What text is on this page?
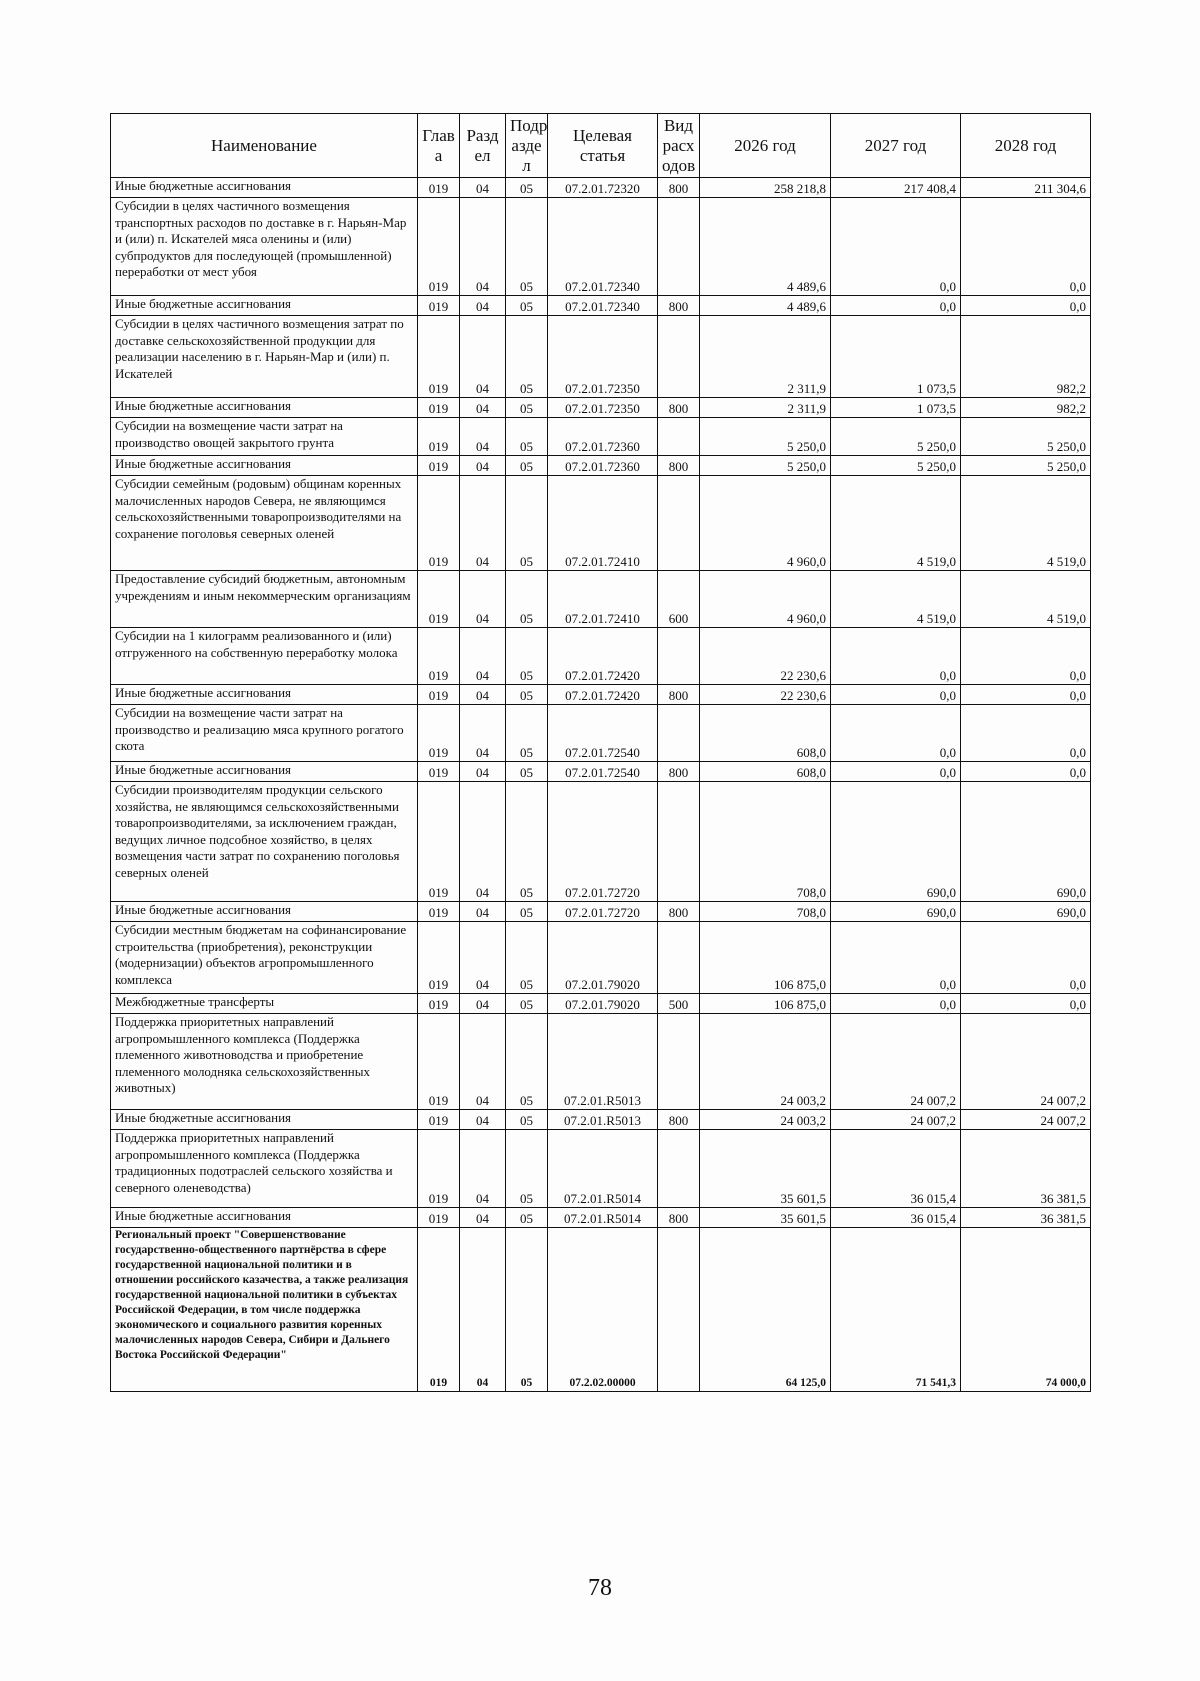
Наименование	Глав а	Разд ел	Подр азде л	Целевая статья	Вид расх одов	2026 год	2027 год	2028 год
Иные бюджетные ассигнования	019	04	05	07.2.01.72320	800	258 218,8	217 408,4	211 304,6
Субсидии в целях частичного возмещения транспортных расходов по доставке в г. Нарьян-Мар и (или) п. Искателей мяса оленины и (или) субпродуктов для последующей (промышленной) переработки от мест убоя	019	04	05	07.2.01.72340		4 489,6	0,0	0,0
Иные бюджетные ассигнования	019	04	05	07.2.01.72340	800	4 489,6	0,0	0,0
Субсидии в целях частичного возмещения затрат по доставке сельскохозяйственной продукции для реализации населению в г. Нарьян-Мар и (или) п. Искателей	019	04	05	07.2.01.72350		2 311,9	1 073,5	982,2
Иные бюджетные ассигнования	019	04	05	07.2.01.72350	800	2 311,9	1 073,5	982,2
Субсидии на возмещение части затрат на производство овощей закрытого грунта	019	04	05	07.2.01.72360		5 250,0	5 250,0	5 250,0
Иные бюджетные ассигнования	019	04	05	07.2.01.72360	800	5 250,0	5 250,0	5 250,0
Субсидии семейным (родовым) общинам коренных малочисленных народов Севера, не являющимся сельскохозяйственными товаропроизводителями на сохранение поголовья северных оленей	019	04	05	07.2.01.72410		4 960,0	4 519,0	4 519,0
Предоставление субсидий бюджетным, автономным учреждениям и иным некоммерческим организациям	019	04	05	07.2.01.72410	600	4 960,0	4 519,0	4 519,0
Субсидии на 1 килограмм реализованного и (или) отгруженного на собственную переработку молока	019	04	05	07.2.01.72420		22 230,6	0,0	0,0
Иные бюджетные ассигнования	019	04	05	07.2.01.72420	800	22 230,6	0,0	0,0
Субсидии на возмещение части затрат на производство и реализацию мяса крупного рогатого скота	019	04	05	07.2.01.72540		608,0	0,0	0,0
Иные бюджетные ассигнования	019	04	05	07.2.01.72540	800	608,0	0,0	0,0
Субсидии производителям продукции сельского хозяйства, не являющимся сельскохозяйственными товаропроизводителями, за исключением граждан, ведущих личное подсобное хозяйство, в целях возмещения части затрат по сохранению поголовья северных оленей	019	04	05	07.2.01.72720		708,0	690,0	690,0
Иные бюджетные ассигнования	019	04	05	07.2.01.72720	800	708,0	690,0	690,0
Субсидии местным бюджетам на софинансирование строительства (приобретения), реконструкции (модернизации) объектов агропромышленного комплекса	019	04	05	07.2.01.79020		106 875,0	0,0	0,0
Межбюджетные трансферты	019	04	05	07.2.01.79020	500	106 875,0	0,0	0,0
Поддержка приоритетных направлений агропромышленного комплекса (Поддержка племенного животноводства и приобретение племенного молодняка сельскохозяйственных животных)	019	04	05	07.2.01.R5013		24 003,2	24 007,2	24 007,2
Иные бюджетные ассигнования	019	04	05	07.2.01.R5013	800	24 003,2	24 007,2	24 007,2
Поддержка приоритетных направлений агропромышленного комплекса (Поддержка традиционных подотраслей сельского хозяйства и северного оленеводства)	019	04	05	07.2.01.R5014		35 601,5	36 015,4	36 381,5
Иные бюджетные ассигнования	019	04	05	07.2.01.R5014	800	35 601,5	36 015,4	36 381,5
Региональный проект "Совершенствование государственно-общественного партнёрства в сфере государственной национальной политики и в отношении российского казачества, а также реализация государственной национальной политики в субъектах Российской Федерации, в том числе поддержка экономического и социального развития коренных малочисленных народов Севера, Сибири и Дальнего Востока Российской Федерации"	019	04	05	07.2.02.00000		64 125,0	71 541,3	74 000,0
78
